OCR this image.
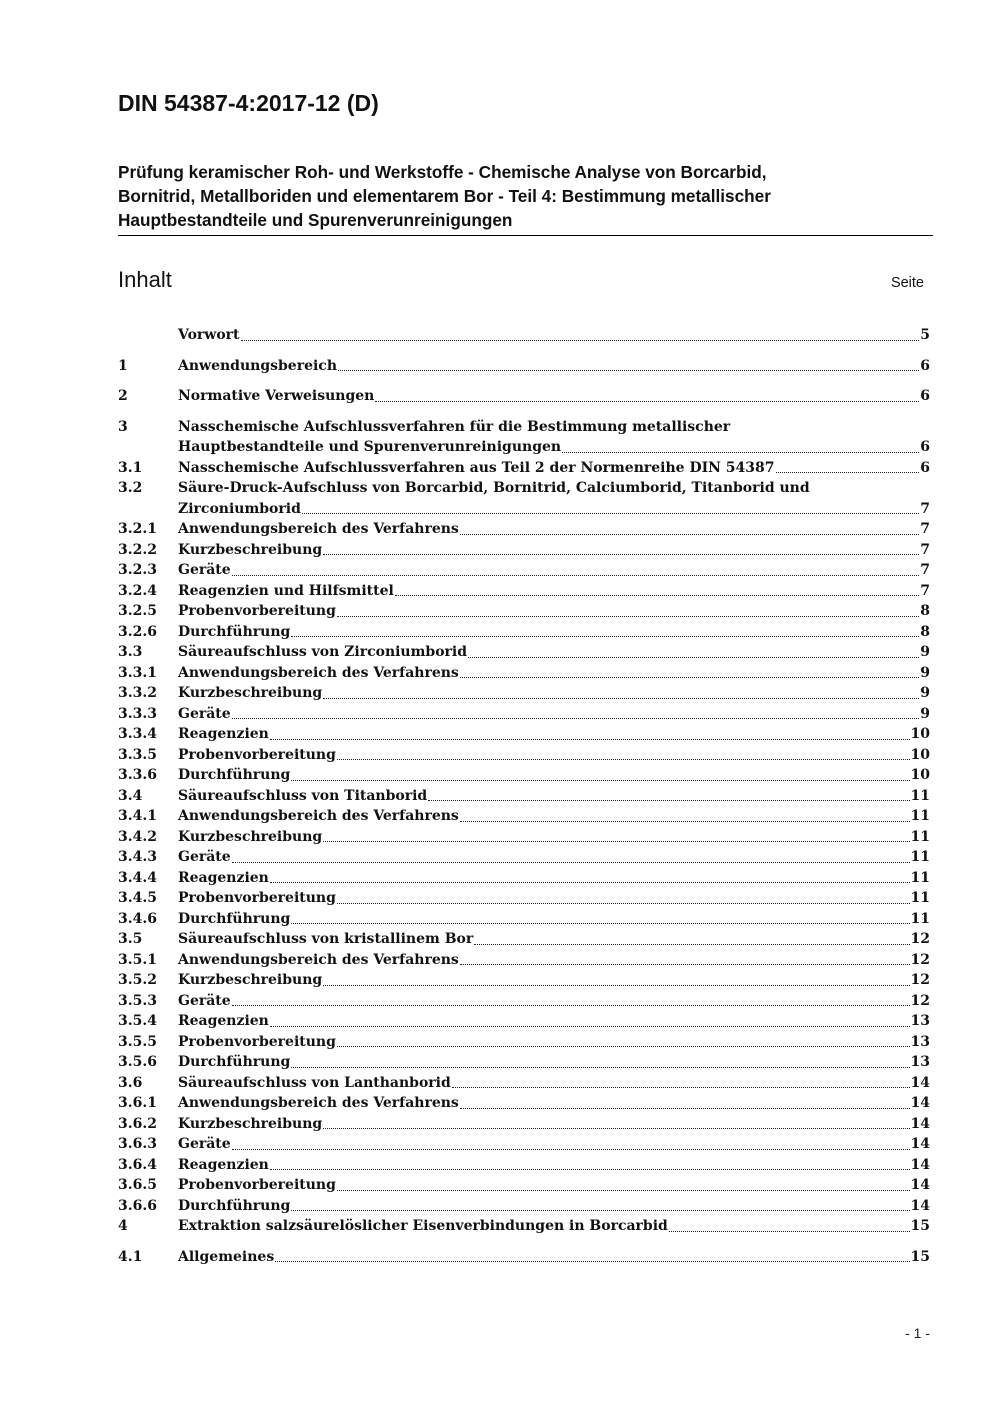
DIN 54387-4:2017-12 (D)
Prüfung keramischer Roh- und Werkstoffe - Chemische Analyse von Borcarbid,
Bornitrid, Metallboriden und elementarem Bor - Teil 4: Bestimmung metallischer
Hauptbestandteile und Spurenverunreinigungen
Inhalt	Seite
Vorwort	5
1	Anwendungsbereich	6
2	Normative Verweisungen	6
3	Nasschemische Aufschlussverfahren für die Bestimmung metallischer
Hauptbestandteile und Spurenverunreinigungen	6
3.1	Nasschemische Aufschlussverfahren aus Teil 2 der Normenreihe DIN 54387	6
3.2	Säure-Druck-Aufschluss von Borcarbid, Bornitrid, Calciumborid, Titanborid und
Zirconiumborid	7
3.2.1	Anwendungsbereich des Verfahrens	7
3.2.2	Kurzbeschreibung	7
3.2.3	Geräte	7
3.2.4	Reagenzien und Hilfsmittel	7
3.2.5	Probenvorbereitung	8
3.2.6	Durchführung	8
3.3	Säureaufschluss von Zirconiumborid	9
3.3.1	Anwendungsbereich des Verfahrens	9
3.3.2	Kurzbeschreibung	9
3.3.3	Geräte	9
3.3.4	Reagenzien	10
3.3.5	Probenvorbereitung	10
3.3.6	Durchführung	10
3.4	Säureaufschluss von Titanborid	11
3.4.1	Anwendungsbereich des Verfahrens	11
3.4.2	Kurzbeschreibung	11
3.4.3	Geräte	11
3.4.4	Reagenzien	11
3.4.5	Probenvorbereitung	11
3.4.6	Durchführung	11
3.5	Säureaufschluss von kristallinem Bor	12
3.5.1	Anwendungsbereich des Verfahrens	12
3.5.2	Kurzbeschreibung	12
3.5.3	Geräte	12
3.5.4	Reagenzien	13
3.5.5	Probenvorbereitung	13
3.5.6	Durchführung	13
3.6	Säureaufschluss von Lanthanborid	14
3.6.1	Anwendungsbereich des Verfahrens	14
3.6.2	Kurzbeschreibung	14
3.6.3	Geräte	14
3.6.4	Reagenzien	14
3.6.5	Probenvorbereitung	14
3.6.6	Durchführung	14
4	Extraktion salzsäurelöslicher Eisenverbindungen in Borcarbid	15
4.1	Allgemeines	15
- 1 -
